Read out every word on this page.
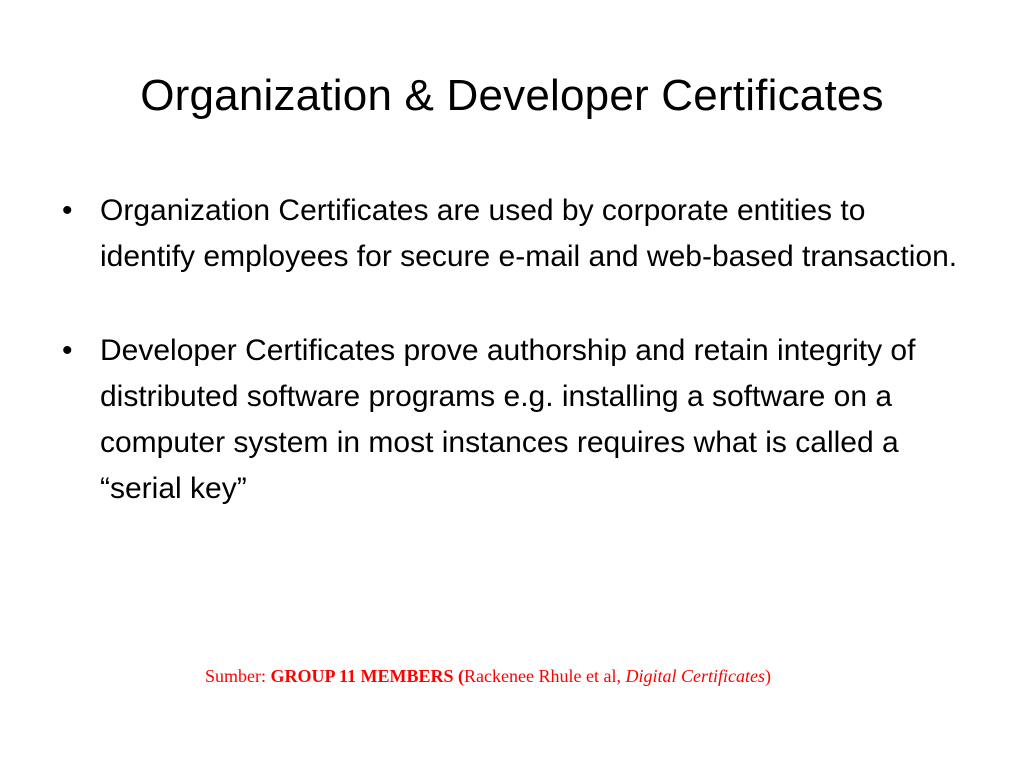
Organization & Developer Certificates
• Organization Certificates are used by corporate entities to identify employees for secure e-mail and web-based transaction.
• Developer Certificates prove authorship and retain integrity of distributed software programs e.g. installing a software on a computer system in most instances requires what is called a “serial key”
Sumber: GROUP 11 MEMBERS (Rackenee Rhule et al, Digital Certificates)
